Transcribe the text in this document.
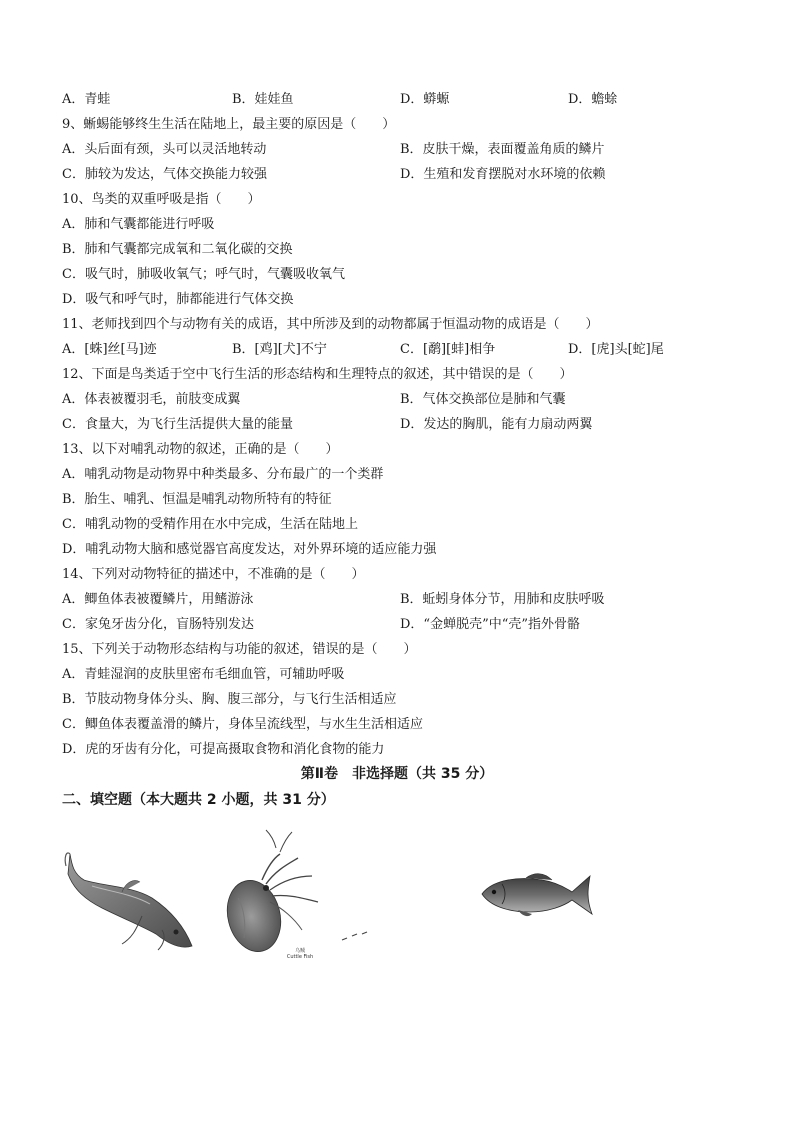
A．青蛙	B．娃娃鱼	D．蟒螈	D．蟾蜍
9、蜥蜴能够终生生活在陆地上，最主要的原因是（　　）
A．头后面有颈，头可以灵活地转动	B．皮肤干燥，表面覆盖角质的鳞片
C．肺较为发达，气体交换能力较强	D．生殖和发育摆脱对水环境的依赖
10、鸟类的双重呼吸是指（　　）
A．肺和气囊都能进行呼吸
B．肺和气囊都完成氧和二氧化碳的交换
C．吸气时，肺吸收氧气；呼气时，气囊吸收氧气
D．吸气和呼气时，肺都能进行气体交换
11、老师找到四个与动物有关的成语，其中所涉及到的动物都属于恒温动物的成语是（　　）
A．[蛛]丝[马]迹	B．[鸡][犬]不宁	C．[鹬][蚌]相争	D．[虎]头[蛇]尾
12、下面是鸟类适于空中飞行生活的形态结构和生理特点的叙述，其中错误的是（　　）
A．体表被覆羽毛，前肢变成翼	B．气体交换部位是肺和气囊
C．食量大，为飞行生活提供大量的能量	D．发达的胸肌，能有力扇动两翼
13、以下对哺乳动物的叙述，正确的是（　　）
A．哺乳动物是动物界中种类最多、分布最广的一个类群
B．胎生、哺乳、恒温是哺乳动物所特有的特征
C．哺乳动物的受精作用在水中完成，生活在陆地上
D．哺乳动物大脑和感觉器官高度发达，对外界环境的适应能力强
14、下列对动物特征的描述中，不准确的是（　　）
A．鲫鱼体表被覆鳞片，用鳍游泳	B．蚯蚓身体分节，用肺和皮肤呼吸
C．家兔牙齿分化，盲肠特别发达	D．“金蝉脱壳”中“壳”指外骨骼
15、下列关于动物形态结构与功能的叙述，错误的是（　　）
A．青蛙湿润的皮肤里密布毛细血管，可辅助呼吸
B．节肢动物身体分头、胸、腹三部分，与飞行生活相适应
C．鲫鱼体表覆盖滑的鳞片，身体呈流线型，与水生生活相适应
D．虎的牙齿有分化，可提高摄取食物和消化食物的能力
第Ⅱ卷　非选择题（共 35 分）
二、填空题（本大题共 2 小题，共 31 分）
乌贼
Cuttle Fish
